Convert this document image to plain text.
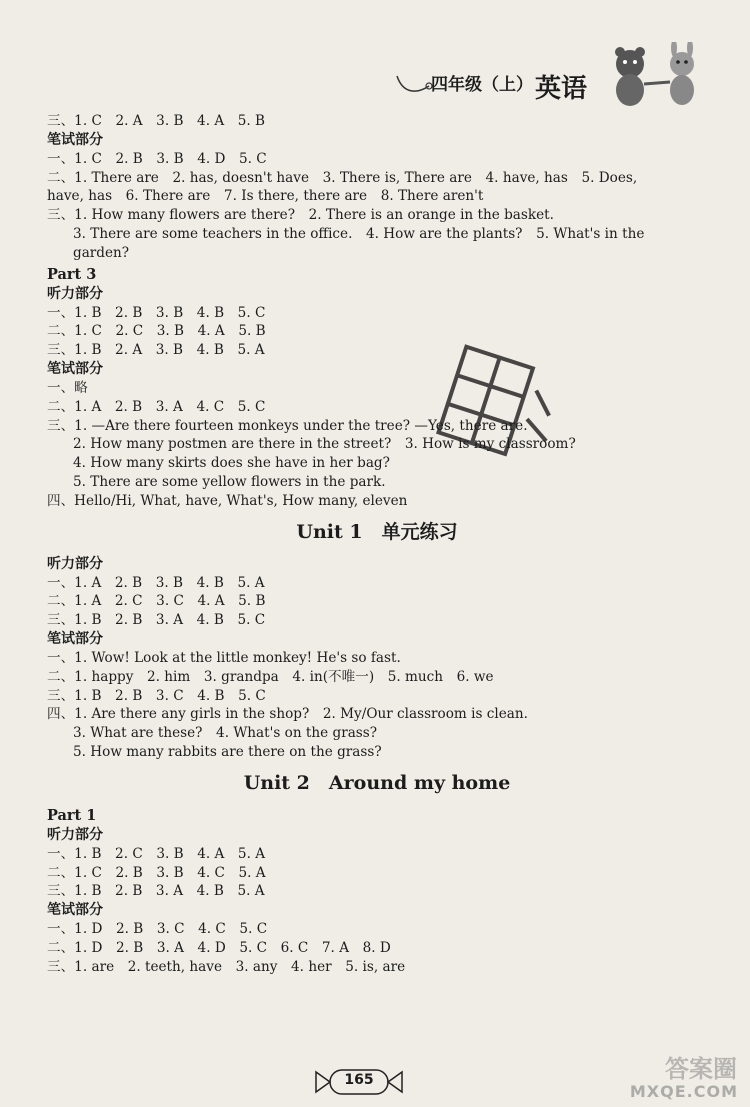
四年级（上） 英语
三、1. C　2. A　3. B　4. A　5. B
笔试部分
一、1. C　2. B　3. B　4. D　5. C
二、1. There are　2. has, doesn't have　3. There is, There are　4. have, has　5. Does,
have, has　6. There are　7. Is there, there are　8. There aren't
三、1. How many flowers are there?　2. There is an orange in the basket.
3. There are some teachers in the office.　4. How are the plants?　5. What's in the
garden?
Part 3
听力部分
一、1. B　2. B　3. B　4. B　5. C
二、1. C　2. C　3. B　4. A　5. B
三、1. B　2. A　3. B　4. B　5. A
笔试部分
一、略
二、1. A　2. B　3. A　4. C　5. C
三、1. —Are there fourteen monkeys under the tree? —Yes, there are.
2. How many postmen are there in the street?　3. How is my classroom?
4. How many skirts does she have in her bag?
5. There are some yellow flowers in the park.
四、Hello/Hi, What, have, What's, How many, eleven
Unit 1　 单元练习
听力部分
一、1. A　2. B　3. B　4. B　5. A
二、1. A　2. C　3. C　4. A　5. B
三、1. B　2. B　3. A　4. B　5. C
笔试部分
一、1. Wow! Look at the little monkey! He's so fast.
二、1. happy　2. him　3. grandpa　4. in(不唯一)　5. much　6. we
三、1. B　2. B　3. C　4. B　5. C
四、1. Are there any girls in the shop?　2. My/Our classroom is clean.
3. What are these?　4. What's on the grass?
5. How many rabbits are there on the grass?
Unit 2　Around my home
Part 1
听力部分
一、1. B　2. C　3. B　4. A　5. A
二、1. C　2. B　3. B　4. C　5. A
三、1. B　2. B　3. A　4. B　5. A
笔试部分
一、1. D　2. B　3. C　4. C　5. C
二、1. D　2. B　3. A　4. D　5. C　6. C　7. A　8. D
三、1. are　2. teeth, have　3. any　4. her　5. is, are
165	答案圈
MXQE.COM
